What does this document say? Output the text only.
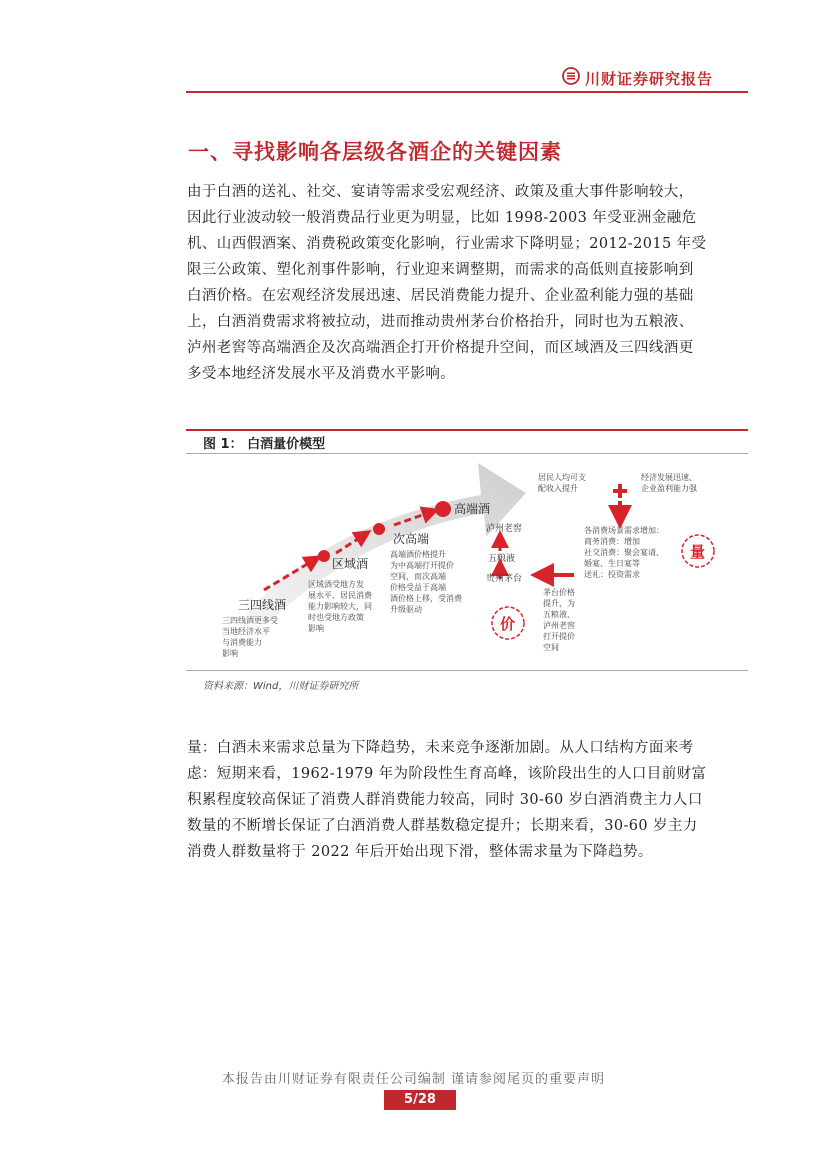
川财证券研究报告
一、寻找影响各层级各酒企的关键因素
由于白酒的送礼、社交、宴请等需求受宏观经济、政策及重大事件影响较大，
因此行业波动较一般消费品行业更为明显，比如 1998-2003 年受亚洲金融危
机、山西假酒案、消费税政策变化影响，行业需求下降明显；2012-2015 年受
限三公政策、塑化剂事件影响，行业迎来调整期，而需求的高低则直接影响到
白酒价格。在宏观经济发展迅速、居民消费能力提升、企业盈利能力强的基础
上，白酒消费需求将被拉动，进而推动贵州茅台价格抬升，同时也为五粮液、
泸州老窖等高端酒企及次高端酒企打开价格提升空间，而区域酒及三四线酒更
多受本地经济发展水平及消费水平影响。
图 1： 白酒量价模型
高端酒
次高端
区域酒
三四线酒
三四线酒更多受
当地经济水平
与消费能力
影响
区域酒受地方发
展水平、居民消费
能力影响较大，同
时也受地方政策
影响
高端酒价格提升
为中高端打开提价
空间，而次高端
价格受益于高端
酒价格上移，受消费
升级驱动
居民人均可支
配收入提升
经济发展迅速、
企业盈利能力强
各消费场景需求增加：
商务消费：增加
社交消费：聚会宴请、
婚宴、生日宴等
送礼：投资需求
茅台价格
提升，为
五粮液、
泸州老窖
打开提价
空间
泸州老窖
五粮液
贵州茅台
量
价
资料来源：Wind，川财证券研究所
量：白酒未来需求总量为下降趋势，未来竞争逐渐加剧。从人口结构方面来考
虑：短期来看，1962-1979 年为阶段性生育高峰，该阶段出生的人口目前财富
积累程度较高保证了消费人群消费能力较高，同时 30-60 岁白酒消费主力人口
数量的不断增长保证了白酒消费人群基数稳定提升；长期来看，30-60 岁主力
消费人群数量将于 2022 年后开始出现下滑，整体需求量为下降趋势。
本报告由川财证券有限责任公司编制 谨请参阅尾页的重要声明
5/28
